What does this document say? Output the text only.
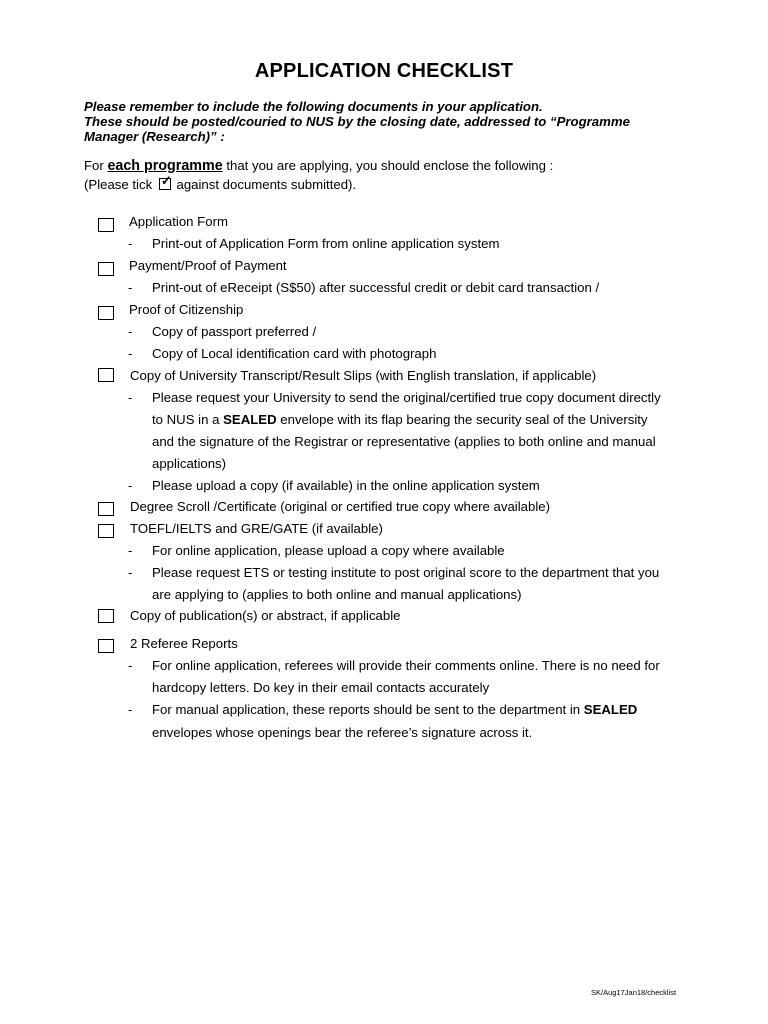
APPLICATION CHECKLIST
Please remember to include the following documents in your application.
These should be posted/couried to NUS by the closing date, addressed to “Programme
Manager (Research)” :
For each programme that you are applying, you should enclose the following :
(Please tick ✓ against documents submitted).
Application Form
- Print-out of Application Form from online application system
Payment/Proof of Payment
- Print-out of eReceipt (S$50) after successful credit or debit card transaction /
Proof of Citizenship
- Copy of passport preferred /
- Copy of Local identification card with photograph
Copy of University Transcript/Result Slips (with English translation, if applicable)
- Please request your University to send the original/certified true copy document directly
to NUS in a SEALED envelope with its flap bearing the security seal of the University
and the signature of the Registrar or representative (applies to both online and manual
applications)
- Please upload a copy (if available) in the online application system
Degree Scroll /Certificate (original or certified true copy where available)
TOEFL/IELTS and GRE/GATE (if available)
- For online application, please upload a copy where available
- Please request ETS or testing institute to post original score to the department that you
are applying to (applies to both online and manual applications)
Copy of publication(s) or abstract, if applicable
2 Referee Reports
- For online application, referees will provide their comments online. There is no need for
hardcopy letters. Do key in their email contacts accurately
- For manual application, these reports should be sent to the department in SEALED
envelopes whose openings bear the referee’s signature across it.
SK/Aug17Jan18/checklist
